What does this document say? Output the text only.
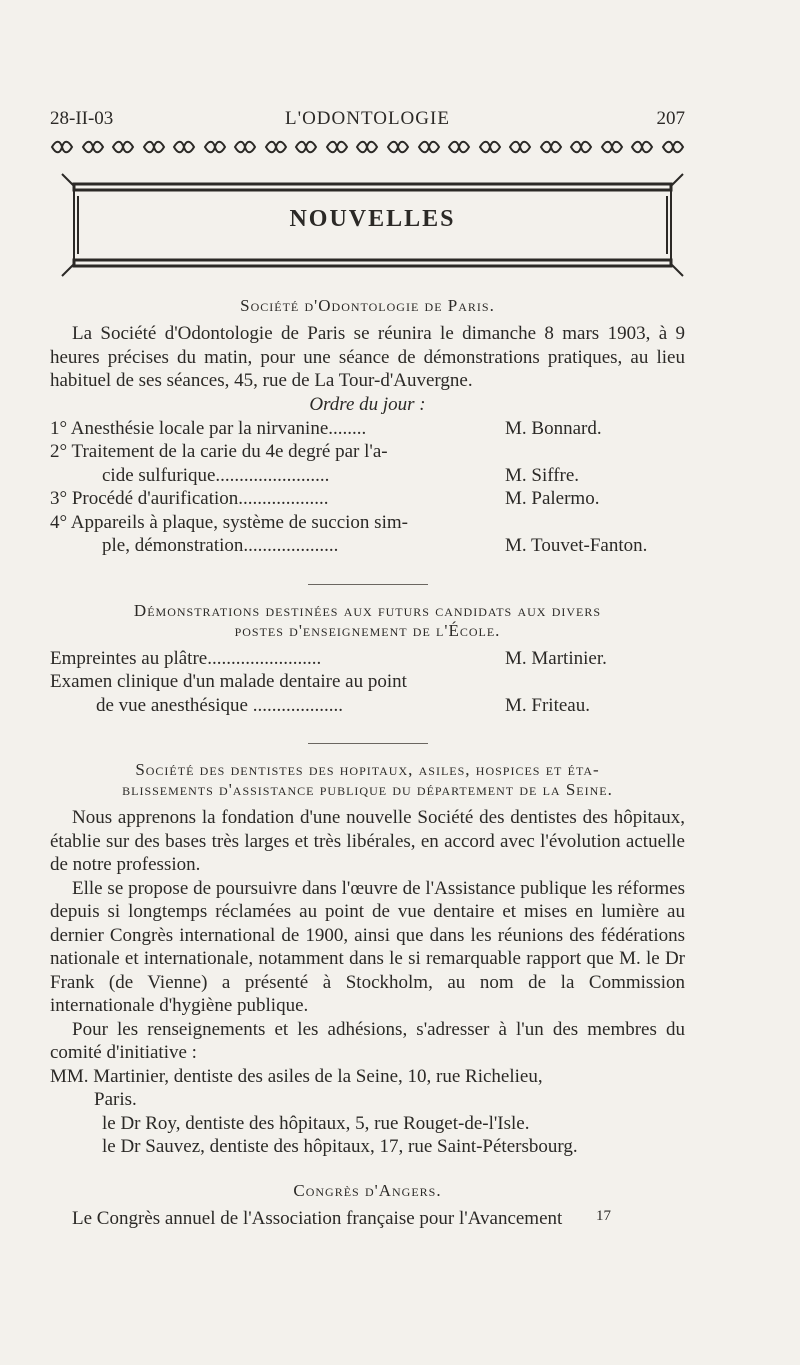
28-II-03	L'ODONTOLOGIE	207
NOUVELLES
Société d'Odontologie de Paris.

La Société d'Odontologie de Paris se réunira le dimanche 8 mars 1903, à 9 heures précises du matin, pour une séance de démonstrations pratiques, au lieu habituel de ses séances, 45, rue de La Tour-d'Auvergne.

Ordre du jour :
1° Anesthésie locale par la nirvanine........	M. Bonnard.
2° Traitement de la carie du 4e degré par l'a-
cide sulfurique........................	M. Siffre.
3° Procédé d'aurification...................	M. Palermo.
4° Appareils à plaque, système de succion sim-
ple, démonstration....................	M. Touvet-Fanton.
Démonstrations destinées aux futurs candidats aux divers
postes d'enseignement de l'École.
Empreintes au plâtre........................	M. Martinier.
Examen clinique d'un malade dentaire au point
de vue anesthésique ...................	M. Friteau.
Société des dentistes des hopitaux, asiles, hospices et éta-
blissements d'assistance publique du département de la Seine.

Nous apprenons la fondation d'une nouvelle Société des dentistes des hôpitaux, établie sur des bases très larges et très libérales, en accord avec l'évolution actuelle de notre profession.

Elle se propose de poursuivre dans l'œuvre de l'Assistance publique les réformes depuis si longtemps réclamées au point de vue dentaire et mises en lumière au dernier Congrès international de 1900, ainsi que dans les réunions des fédérations nationale et internationale, notamment dans le si remarquable rapport que M. le Dr Frank (de Vienne) a présenté à Stockholm, au nom de la Commission internationale d'hygiène publique.

Pour les renseignements et les adhésions, s'adresser à l'un des membres du comité d'initiative :

MM. Martinier, dentiste des asiles de la Seine, 10, rue Richelieu,
Paris.
le Dr Roy, dentiste des hôpitaux, 5, rue Rouget-de-l'Isle.
le Dr Sauvez, dentiste des hôpitaux, 17, rue Saint-Pétersbourg.
Congrès d'Angers.

Le Congrès annuel de l'Association française pour l'Avancement	17
